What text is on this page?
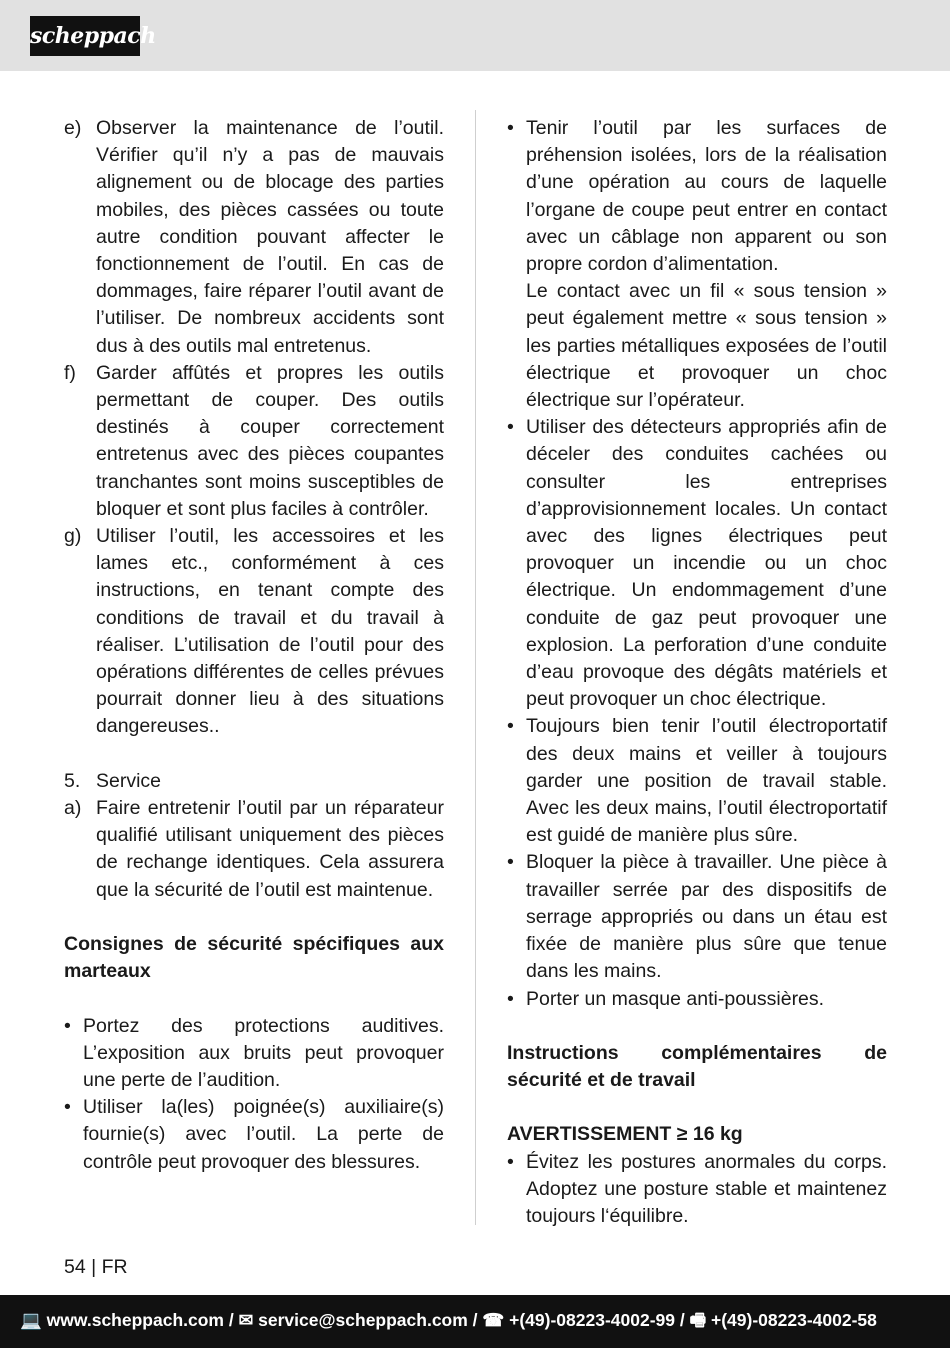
scheppach
e) Observer la maintenance de l’outil. Vérifier qu’il n’y a pas de mauvais alignement ou de blocage des parties mobiles, des pièces cassées ou toute autre condition pouvant affecter le fonctionnement de l’outil. En cas de dommages, faire réparer l’outil avant de l’utiliser. De nombreux accidents sont dus à des outils mal entretenus.
f)	Garder affûtés et propres les outils permettant de couper. Des outils destinés à couper correctement entretenus avec des pièces coupantes tranchantes sont moins susceptibles de bloquer et sont plus faciles à contrôler.
g) Utiliser l’outil, les accessoires et les lames etc., conformément à ces instructions, en tenant compte des conditions de travail et du travail à réaliser. L’utilisation de l’outil pour des opérations différentes de celles prévues pourrait donner lieu à des situations dangereuses..
5. Service
a) Faire entretenir l’outil par un réparateur qualifié utilisant uniquement des pièces de rechange identiques. Cela assurera que la sécurité de l’outil est maintenue.
Consignes de sécurité spécifiques aux marteaux
• Portez des protections auditives. L’exposition aux bruits peut provoquer une perte de l’audition.
• Utiliser la(les) poignée(s) auxiliaire(s) fournie(s) avec l’outil. La perte de contrôle peut provoquer des blessures.
• Tenir l’outil par les surfaces de préhension isolées, lors de la réalisation d’une opération au cours de laquelle l’organe de coupe peut entrer en contact avec un câblage non apparent ou son propre cordon d’alimentation.
Le contact avec un fil « sous tension » peut également mettre « sous tension » les parties métalliques exposées de l’outil électrique et provoquer un choc électrique sur l’opérateur.
• Utiliser des détecteurs appropriés afin de déceler des conduites cachées ou consulter les entreprises d’approvisionnement locales. Un contact avec des lignes électriques peut provoquer un incendie ou un choc électrique. Un endommagement d’une conduite de gaz peut provoquer une explosion. La perforation d’une conduite d’eau provoque des dégâts matériels et peut provoquer un choc électrique.
• Toujours bien tenir l’outil électroportatif des deux mains et veiller à toujours garder une position de travail stable. Avec les deux mains, l’outil électroportatif est guidé de manière plus sûre.
• Bloquer la pièce à travailler. Une pièce à travailler serrée par des dispositifs de serrage appropriés ou dans un étau est fixée de manière plus sûre que tenue dans les mains.
• Porter un masque anti-poussières.
Instructions complémentaires de sécurité et de travail
AVERTISSEMENT ≥ 16 kg
• Évitez les postures anormales du corps. Adoptez une posture stable et maintenez toujours l‘équilibre.
54 | FR
💻 www.scheppach.com / ✉ service@scheppach.com / ☎ +(49)-08223-4002-99 / 🖷 +(49)-08223-4002-58
